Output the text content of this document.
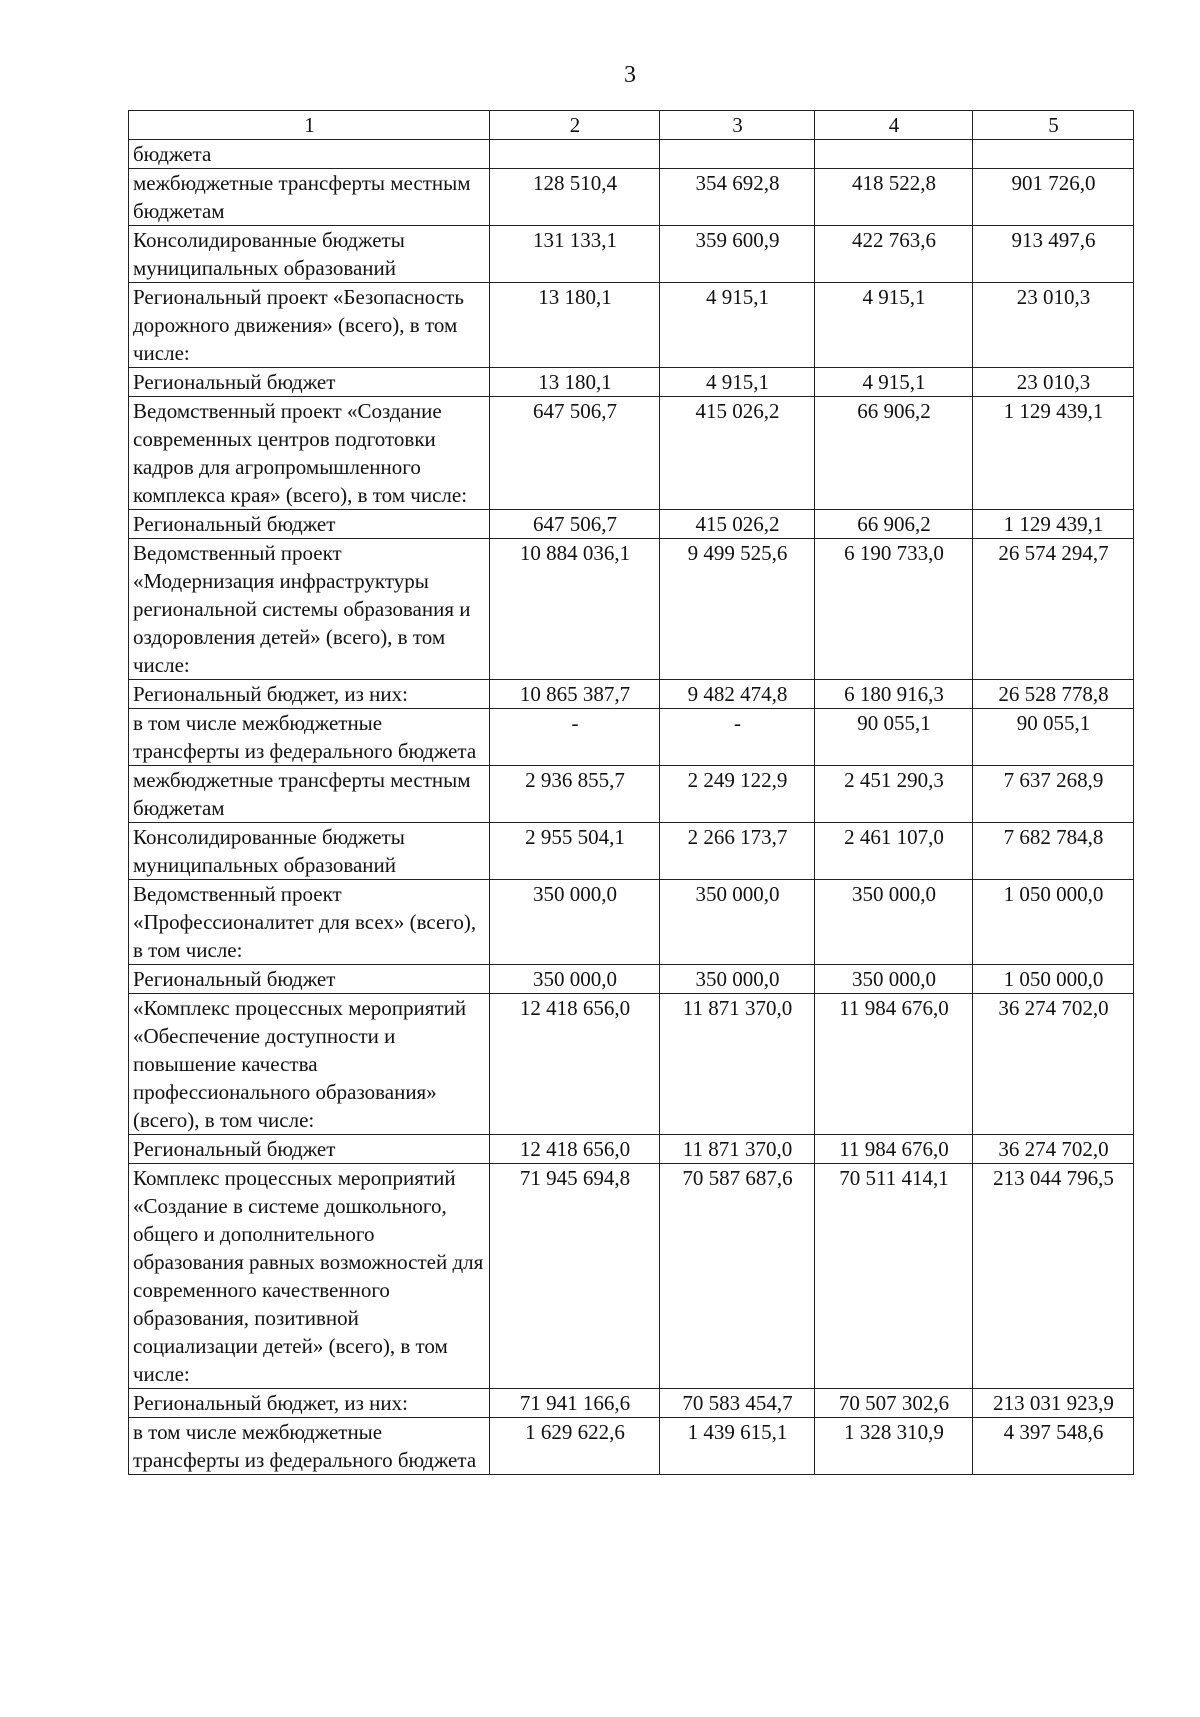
3
1	2	3	4	5
бюджета				
межбюджетные трансферты местным бюджетам	128 510,4	354 692,8	418 522,8	901 726,0
Консолидированные бюджеты муниципальных образований	131 133,1	359 600,9	422 763,6	913 497,6
Региональный проект «Безопасность дорожного движения» (всего), в том числе:	13 180,1	4 915,1	4 915,1	23 010,3
Региональный бюджет	13 180,1	4 915,1	4 915,1	23 010,3
Ведомственный проект «Создание современных центров подготовки кадров для агропромышленного комплекса края» (всего), в том числе:	647 506,7	415 026,2	66 906,2	1 129 439,1
Региональный бюджет	647 506,7	415 026,2	66 906,2	1 129 439,1
Ведомственный проект «Модернизация инфраструктуры региональной системы образования и оздоровления детей» (всего), в том числе:	10 884 036,1	9 499 525,6	6 190 733,0	26 574 294,7
Региональный бюджет, из них:	10 865 387,7	9 482 474,8	6 180 916,3	26 528 778,8
в том числе межбюджетные трансферты из федерального бюджета	-	-	90 055,1	90 055,1
межбюджетные трансферты местным бюджетам	2 936 855,7	2 249 122,9	2 451 290,3	7 637 268,9
Консолидированные бюджеты муниципальных образований	2 955 504,1	2 266 173,7	2 461 107,0	7 682 784,8
Ведомственный проект «Профессионалитет для всех» (всего), в том числе:	350 000,0	350 000,0	350 000,0	1 050 000,0
Региональный бюджет	350 000,0	350 000,0	350 000,0	1 050 000,0
«Комплекс процессных мероприятий «Обеспечение доступности и повышение качества профессионального образования» (всего), в том числе:	12 418 656,0	11 871 370,0	11 984 676,0	36 274 702,0
Региональный бюджет	12 418 656,0	11 871 370,0	11 984 676,0	36 274 702,0
Комплекс процессных мероприятий «Создание в системе дошкольного, общего и дополнительного образования равных возможностей для современного качественного образования, позитивной социализации детей» (всего), в том числе:	71 945 694,8	70 587 687,6	70 511 414,1	213 044 796,5
Региональный бюджет, из них:	71 941 166,6	70 583 454,7	70 507 302,6	213 031 923,9
в том числе межбюджетные трансферты из федерального бюджета	1 629 622,6	1 439 615,1	1 328 310,9	4 397 548,6
